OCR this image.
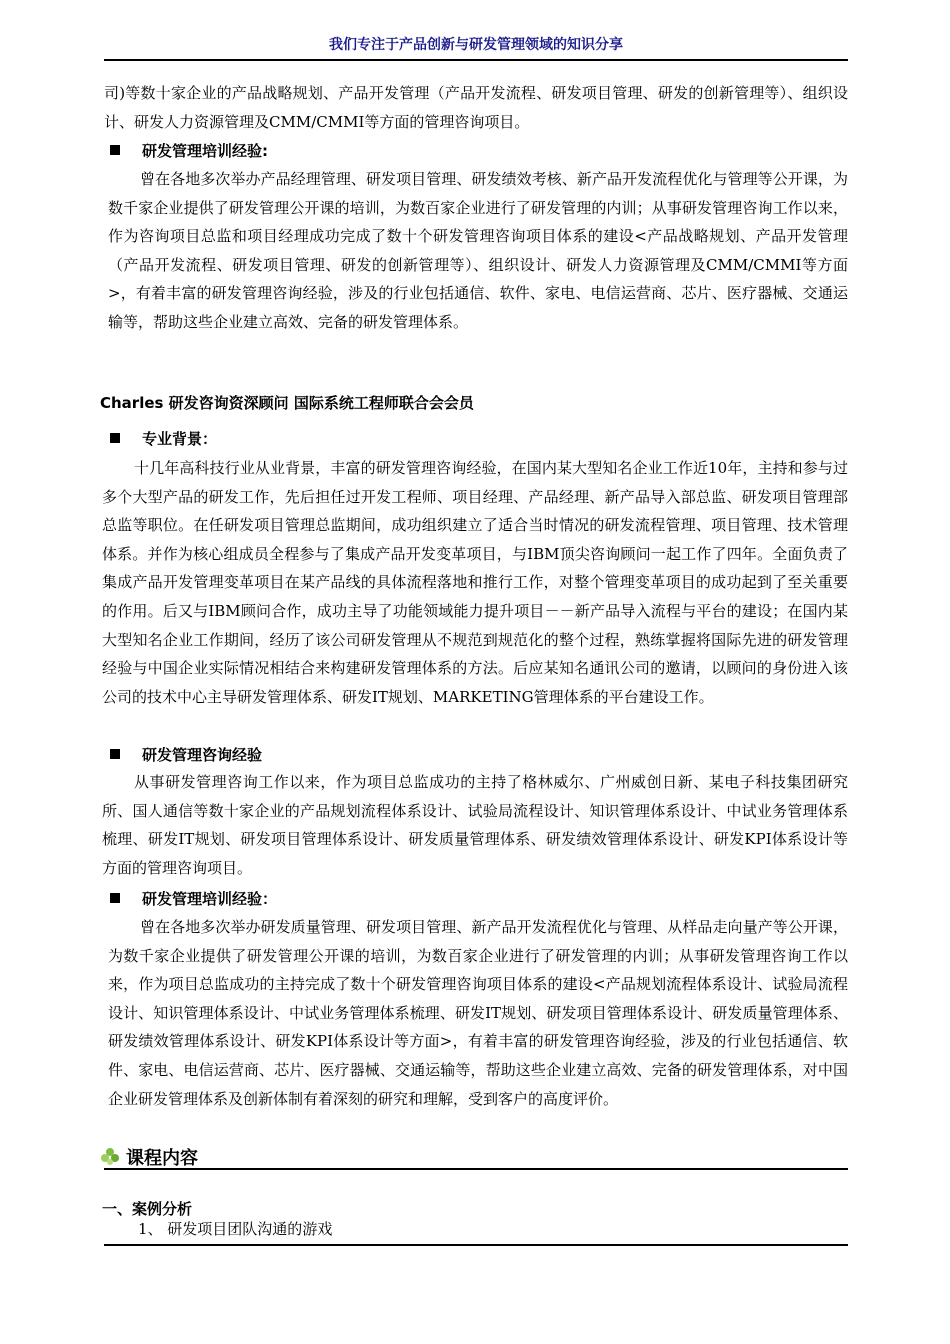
我们专注于产品创新与研发管理领域的知识分享
司)等数十家企业的产品战略规划、产品开发管理（产品开发流程、研发项目管理、研发的创新管理等）、组织设计、研发人力资源管理及CMM/CMMI等方面的管理咨询项目。
研发管理培训经验:
曾在各地多次举办产品经理管理、研发项目管理、研发绩效考核、新产品开发流程优化与管理等公开课，为数千家企业提供了研发管理公开课的培训，为数百家企业进行了研发管理的内训；从事研发管理咨询工作以来，作为咨询项目总监和项目经理成功完成了数十个研发管理咨询项目体系的建设<产品战略规划、产品开发管理（产品开发流程、研发项目管理、研发的创新管理等）、组织设计、研发人力资源管理及CMM/CMMI等方面>，有着丰富的研发管理咨询经验，涉及的行业包括通信、软件、家电、电信运营商、芯片、医疗器械、交通运输等，帮助这些企业建立高效、完备的研发管理体系。
Charles 研发咨询资深顾问 国际系统工程师联合会会员
专业背景：
十几年高科技行业从业背景，丰富的研发管理咨询经验，在国内某大型知名企业工作近10年，主持和参与过多个大型产品的研发工作，先后担任过开发工程师、项目经理、产品经理、新产品导入部总监、研发项目管理部总监等职位。在任研发项目管理总监期间，成功组织建立了适合当时情况的研发流程管理、项目管理、技术管理体系。并作为核心组成员全程参与了集成产品开发变革项目，与IBM顶尖咨询顾问一起工作了四年。全面负责了集成产品开发管理变革项目在某产品线的具体流程落地和推行工作，对整个管理变革项目的成功起到了至关重要的作用。后又与IBM顾问合作，成功主导了功能领域能力提升项目－－新产品导入流程与平台的建设；在国内某大型知名企业工作期间，经历了该公司研发管理从不规范到规范化的整个过程，熟练掌握将国际先进的研发管理经验与中国企业实际情况相结合来构建研发管理体系的方法。后应某知名通讯公司的邀请，以顾问的身份进入该公司的技术中心主导研发管理体系、研发IT规划、MARKETING管理体系的平台建设工作。
研发管理咨询经验
从事研发管理咨询工作以来，作为项目总监成功的主持了格林威尔、广州威创日新、某电子科技集团研究所、国人通信等数十家企业的产品规划流程体系设计、试验局流程设计、知识管理体系设计、中试业务管理体系梳理、研发IT规划、研发项目管理体系设计、研发质量管理体系、研发绩效管理体系设计、研发KPI体系设计等方面的管理咨询项目。
研发管理培训经验：
曾在各地多次举办研发质量管理、研发项目管理、新产品开发流程优化与管理、从样品走向量产等公开课，为数千家企业提供了研发管理公开课的培训，为数百家企业进行了研发管理的内训；从事研发管理咨询工作以来，作为项目总监成功的主持完成了数十个研发管理咨询项目体系的建设<产品规划流程体系设计、试验局流程设计、知识管理体系设计、中试业务管理体系梳理、研发IT规划、研发项目管理体系设计、研发质量管理体系、研发绩效管理体系设计、研发KPI体系设计等方面>，有着丰富的研发管理咨询经验，涉及的行业包括通信、软件、家电、电信运营商、芯片、医疗器械、交通运输等，帮助这些企业建立高效、完备的研发管理体系，对中国企业研发管理体系及创新体制有着深刻的研究和理解，受到客户的高度评价。
课程内容
一、案例分析
1、 研发项目团队沟通的游戏
